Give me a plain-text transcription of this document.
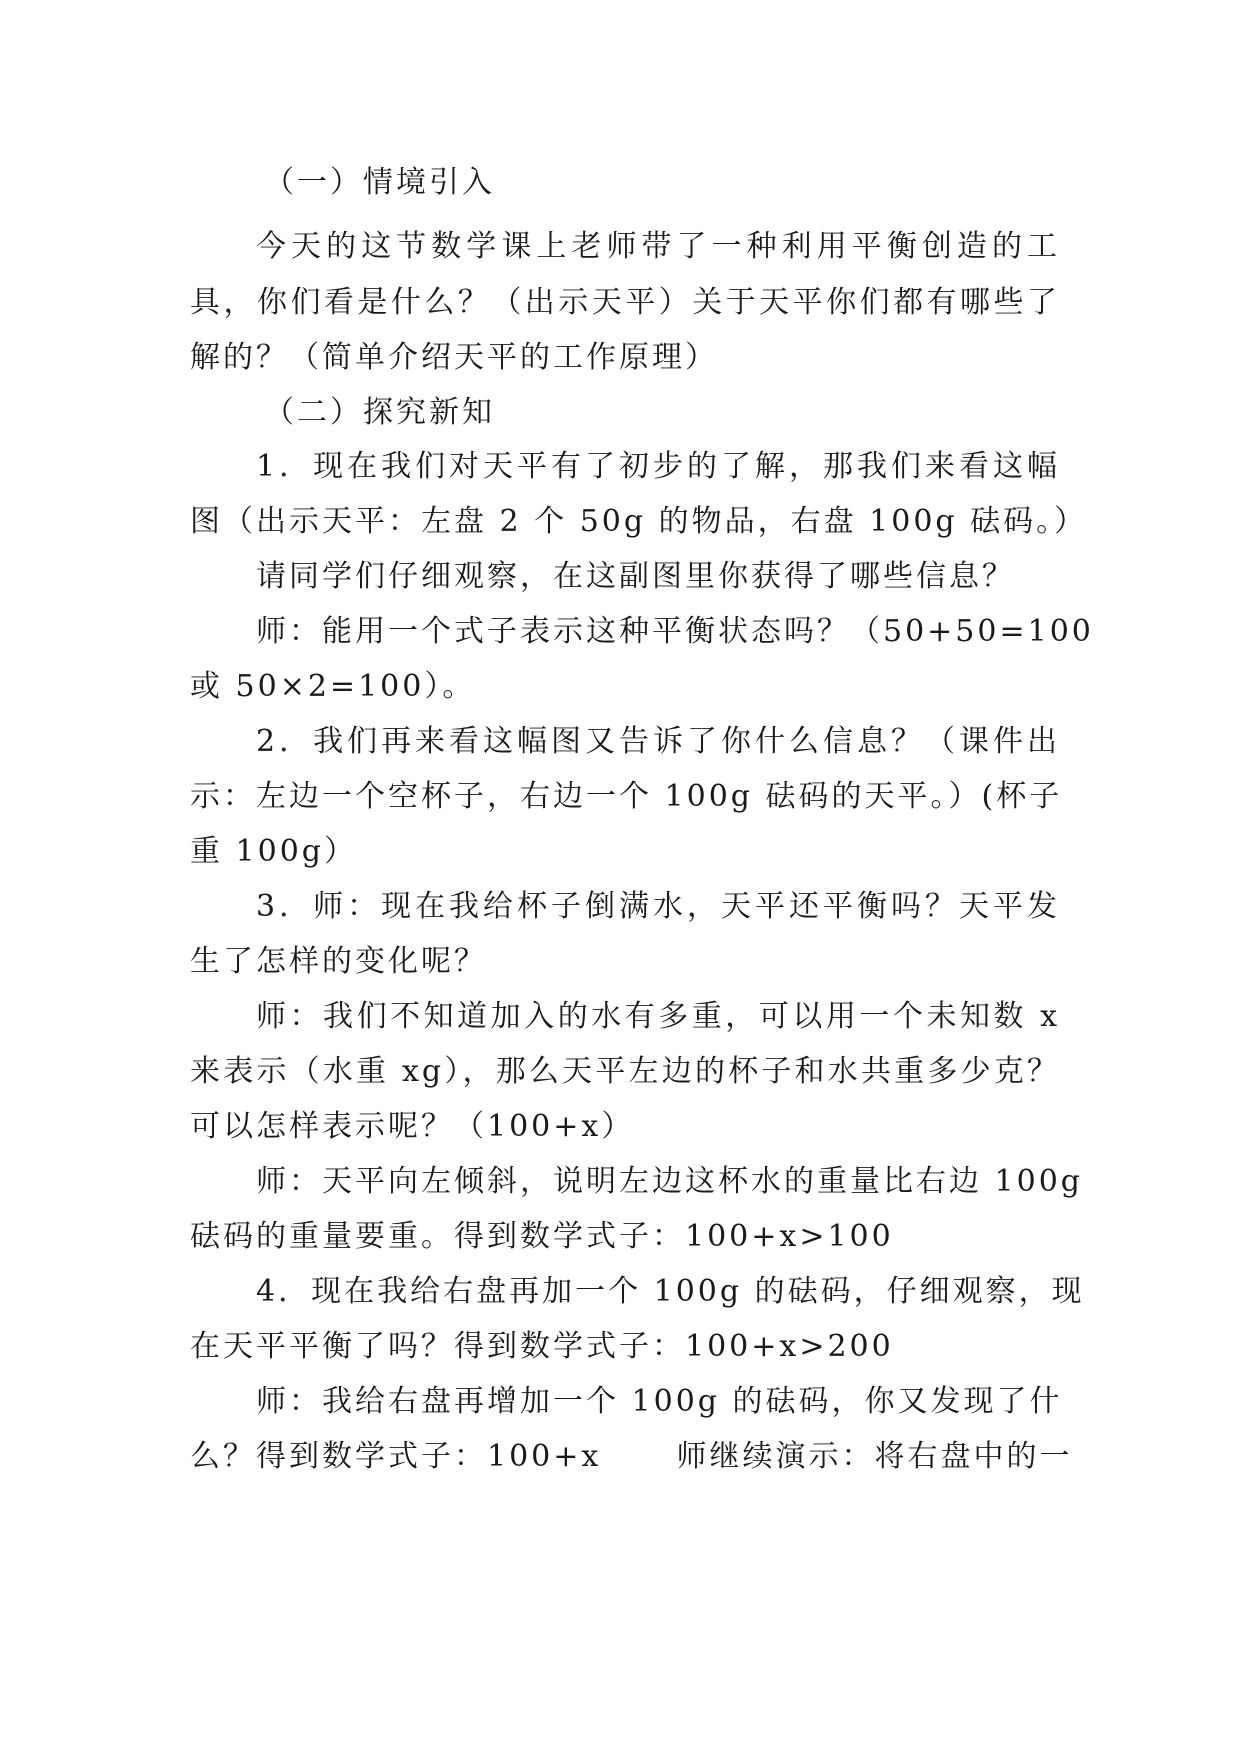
（一）情境引入
今天的这节数学课上老师带了一种利用平衡创造的工
具，你们看是什么？（出示天平）关于天平你们都有哪些了
解的？（简单介绍天平的工作原理）
（二）探究新知
1．现在我们对天平有了初步的了解，那我们来看这幅
图（出示天平：左盘 2 个 50g 的物品，右盘 100g 砝码。）
请同学们仔细观察，在这副图里你获得了哪些信息？
师：能用一个式子表示这种平衡状态吗？（50+50=100
或 50×2=100）。
2．我们再来看这幅图又告诉了你什么信息？（课件出
示：左边一个空杯子，右边一个 100g 砝码的天平。）(杯子
重 100g）
3．师：现在我给杯子倒满水，天平还平衡吗？天平发
生了怎样的变化呢？
师：我们不知道加入的水有多重，可以用一个未知数 x
来表示（水重 xg），那么天平左边的杯子和水共重多少克？
可以怎样表示呢？（100+x）
师：天平向左倾斜，说明左边这杯水的重量比右边 100g
砝码的重量要重。得到数学式子：100+x>100
4．现在我给右盘再加一个 100g 的砝码，仔细观察，现
在天平平衡了吗？得到数学式子：100+x>200
师：我给右盘再增加一个 100g 的砝码，你又发现了什
么？得到数学式子：100+x      师继续演示：将右盘中的一
